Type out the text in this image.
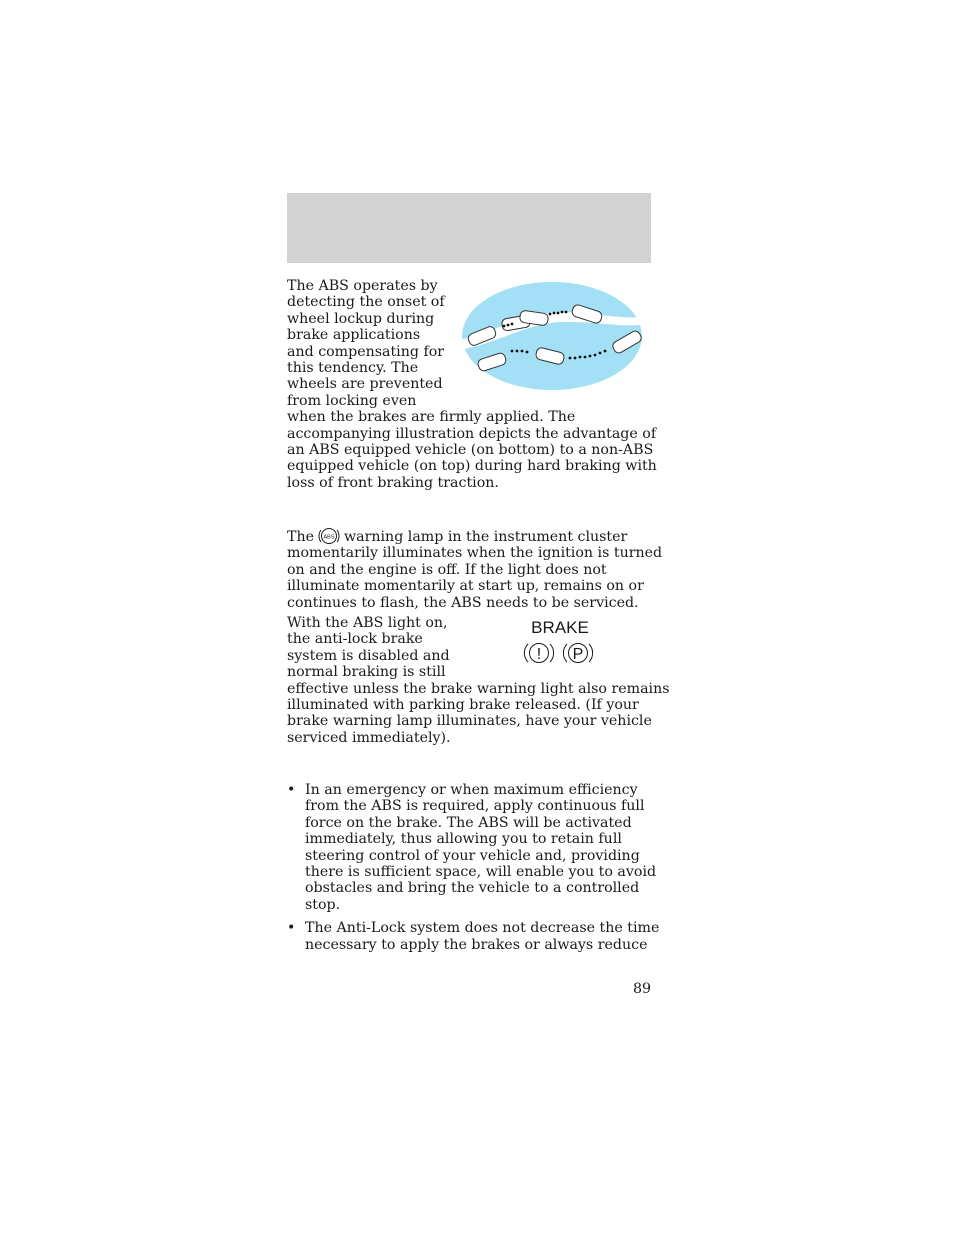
The ABS operates by
detecting the onset of
wheel lockup during
brake applications
and compensating for
this tendency. The
wheels are prevented
from locking even
when the brakes are firmly applied. The
accompanying illustration depicts the advantage of
an ABS equipped vehicle (on bottom) to a non-ABS
equipped vehicle (on top) during hard braking with
loss of front braking traction.

The ABS warning lamp in the instrument cluster
momentarily illuminates when the ignition is turned
on and the engine is off. If the light does not
illuminate momentarily at start up, remains on or
continues to flash, the ABS needs to be serviced.

With the ABS light on,
the anti-lock brake
system is disabled and
normal braking is still
effective unless the brake warning light also remains
illuminated with parking brake released. (If your
brake warning lamp illuminates, have your vehicle
serviced immediately).

BRAKE
! P
• In an emergency or when maximum efficiency
from the ABS is required, apply continuous full
force on the brake. The ABS will be activated
immediately, thus allowing you to retain full
steering control of your vehicle and, providing
there is sufficient space, will enable you to avoid
obstacles and bring the vehicle to a controlled
stop.
• The Anti-Lock system does not decrease the time
necessary to apply the brakes or always reduce
89
